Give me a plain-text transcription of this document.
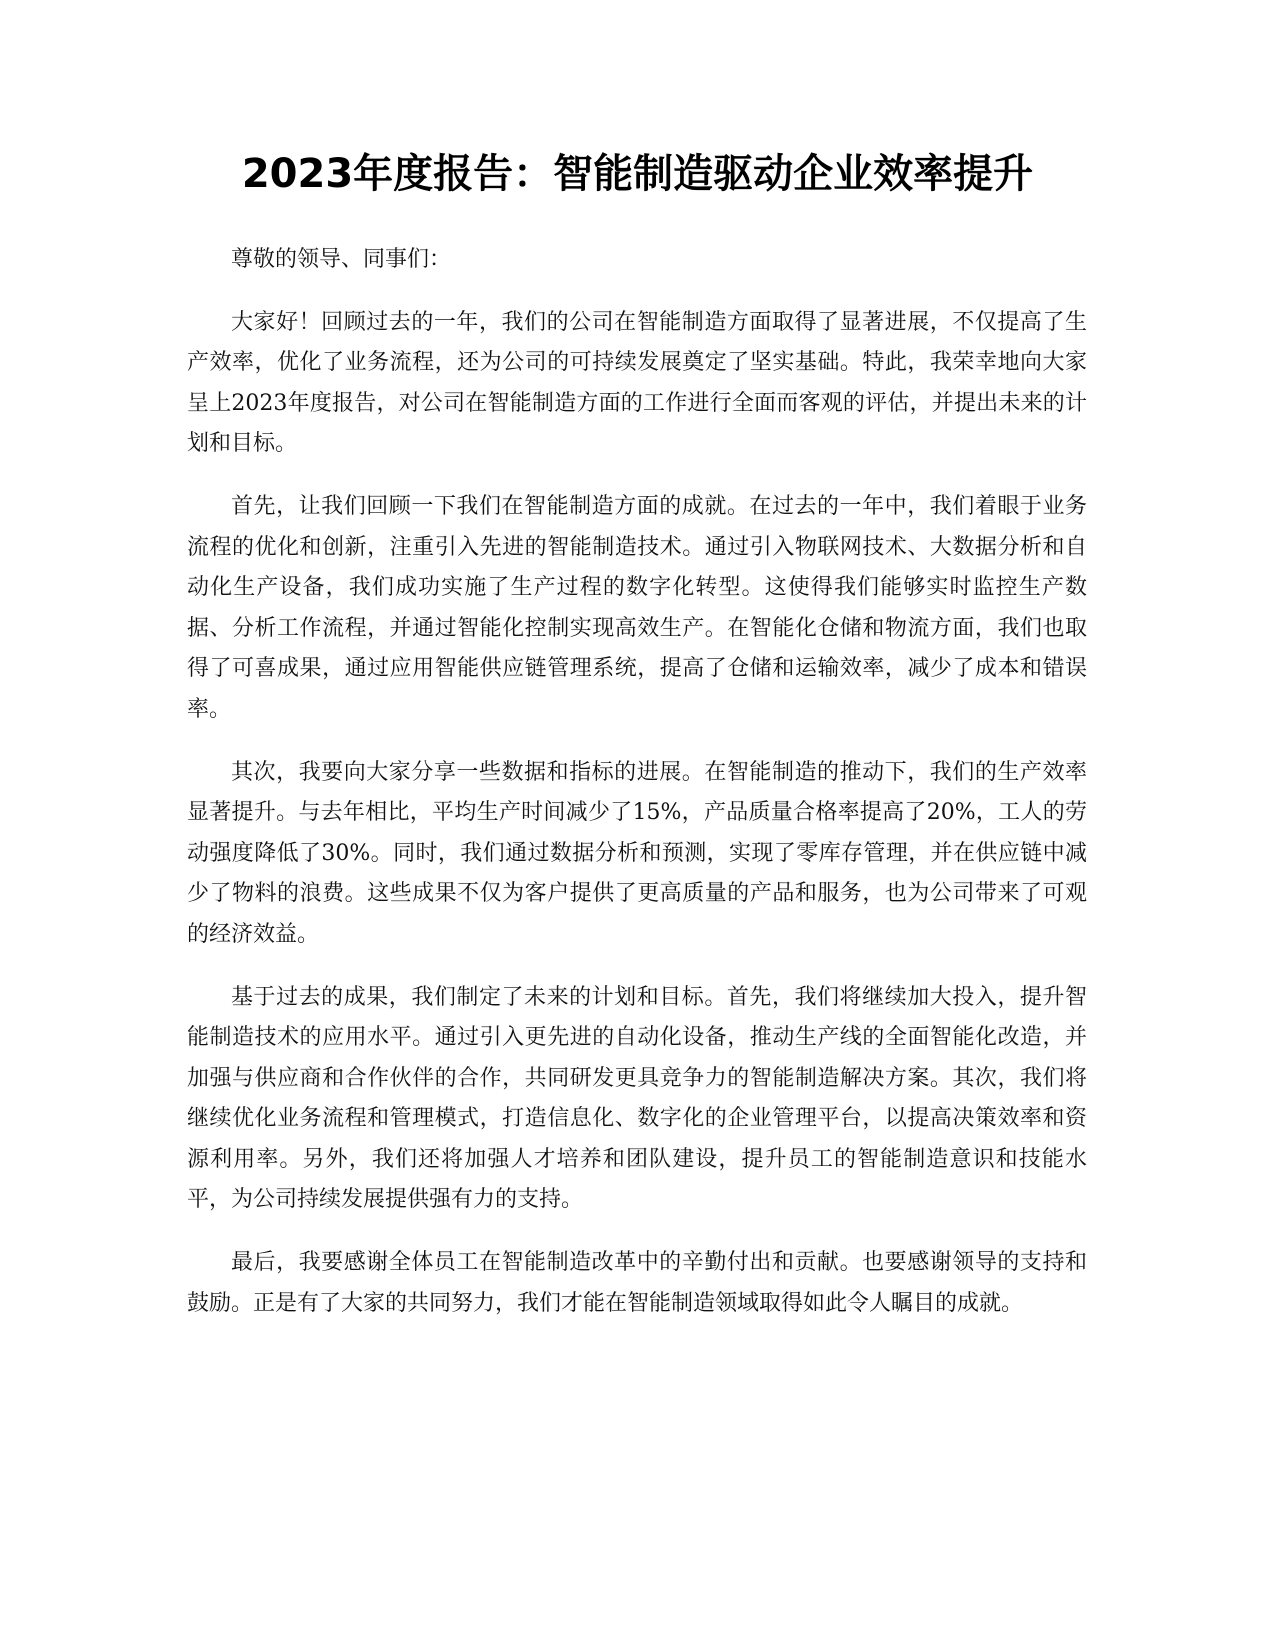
2023年度报告：智能制造驱动企业效率提升

尊敬的领导、同事们：

大家好！回顾过去的一年，我们的公司在智能制造方面取得了显著进展，不仅提高了生产效率，优化了业务流程，还为公司的可持续发展奠定了坚实基础。特此，我荣幸地向大家呈上2023年度报告，对公司在智能制造方面的工作进行全面而客观的评估，并提出未来的计划和目标。

首先，让我们回顾一下我们在智能制造方面的成就。在过去的一年中，我们着眼于业务流程的优化和创新，注重引入先进的智能制造技术。通过引入物联网技术、大数据分析和自动化生产设备，我们成功实施了生产过程的数字化转型。这使得我们能够实时监控生产数据、分析工作流程，并通过智能化控制实现高效生产。在智能化仓储和物流方面，我们也取得了可喜成果，通过应用智能供应链管理系统，提高了仓储和运输效率，减少了成本和错误率。

其次，我要向大家分享一些数据和指标的进展。在智能制造的推动下，我们的生产效率显著提升。与去年相比，平均生产时间减少了15%，产品质量合格率提高了20%，工人的劳动强度降低了30%。同时，我们通过数据分析和预测，实现了零库存管理，并在供应链中减少了物料的浪费。这些成果不仅为客户提供了更高质量的产品和服务，也为公司带来了可观的经济效益。

基于过去的成果，我们制定了未来的计划和目标。首先，我们将继续加大投入，提升智能制造技术的应用水平。通过引入更先进的自动化设备，推动生产线的全面智能化改造，并加强与供应商和合作伙伴的合作，共同研发更具竞争力的智能制造解决方案。其次，我们将继续优化业务流程和管理模式，打造信息化、数字化的企业管理平台，以提高决策效率和资源利用率。另外，我们还将加强人才培养和团队建设，提升员工的智能制造意识和技能水平，为公司持续发展提供强有力的支持。

最后，我要感谢全体员工在智能制造改革中的辛勤付出和贡献。也要感谢领导的支持和鼓励。正是有了大家的共同努力，我们才能在智能制造领域取得如此令人瞩目的成就。
